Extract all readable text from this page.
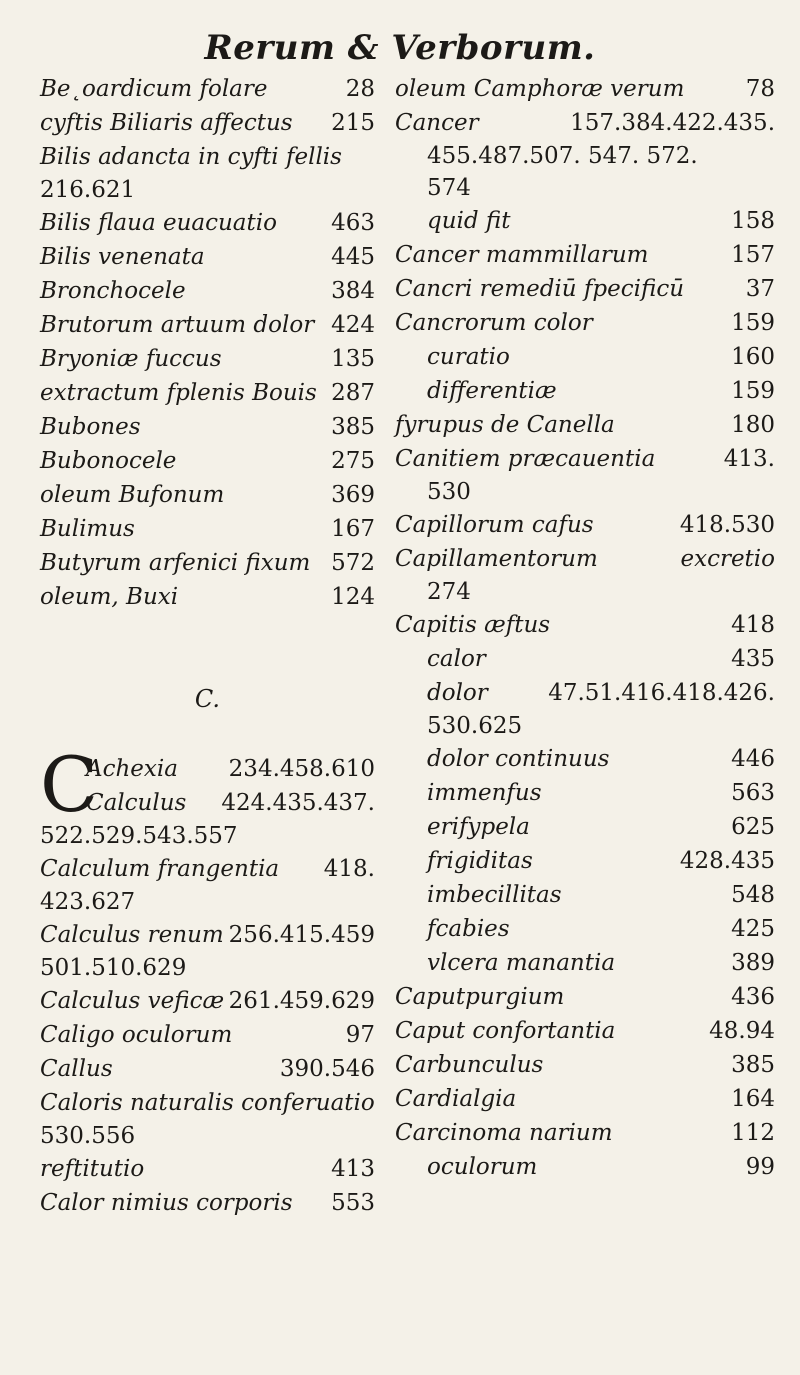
Rerum & Verborum.
Be˛oardicum folare	28
cyftis Biliaris affectus 215
Bilis adancta in cyfti fellis
216.621
Bilis flaua euacuatio 463
Bilis venenata	445
Bronchocele	384
Brutorum artuum dolor 424
Bryoniæ fuccus	135
extractum fplenis Bouis 287
Bubones	385
Bubonocele	275
oleum Bufonum	369
Bulimus	167
Butyrum arfenici fixum 572
oleum, Buxi	124
C.
C
Achexia 234.458.610
Calculus 424.435.437.
522.529.543.557
Calculum frangentia 418.
423.627
Calculus renum 256.415.459
501.510.629
Calculus veficæ 261.459.629
Caligo oculorum	97
Callus	390.546
Caloris naturalis conferuatio
530.556
reftitutio	413
Calor nimius corporis 553
oleum Camphoræ verum	78
Cancer	157.384.422.435.
455.487.507. 547. 572.
574
quid fit	158
Cancer mammillarum	157
Cancri remediū fpecificū	37
Cancrorum color	159
curatio	160
differentiæ	159
fyrupus de Canella	180
Canitiem præcauentia	413.
530
Capillorum cafus	418.530
Capillamentorum	excretio
274
Capitis æftus	418
calor	435
dolor	47.51.416.418.426.
530.625
dolor continuus	446
immenfus	563
erifypela	625
frigiditas	428.435
imbecillitas	548
fcabies	425
vlcera manantia	389
Caputpurgium	436
Caput confortantia	48.94
Carbunculus	385
Cardialgia	164
Carcinoma narium	112
oculorum	99
